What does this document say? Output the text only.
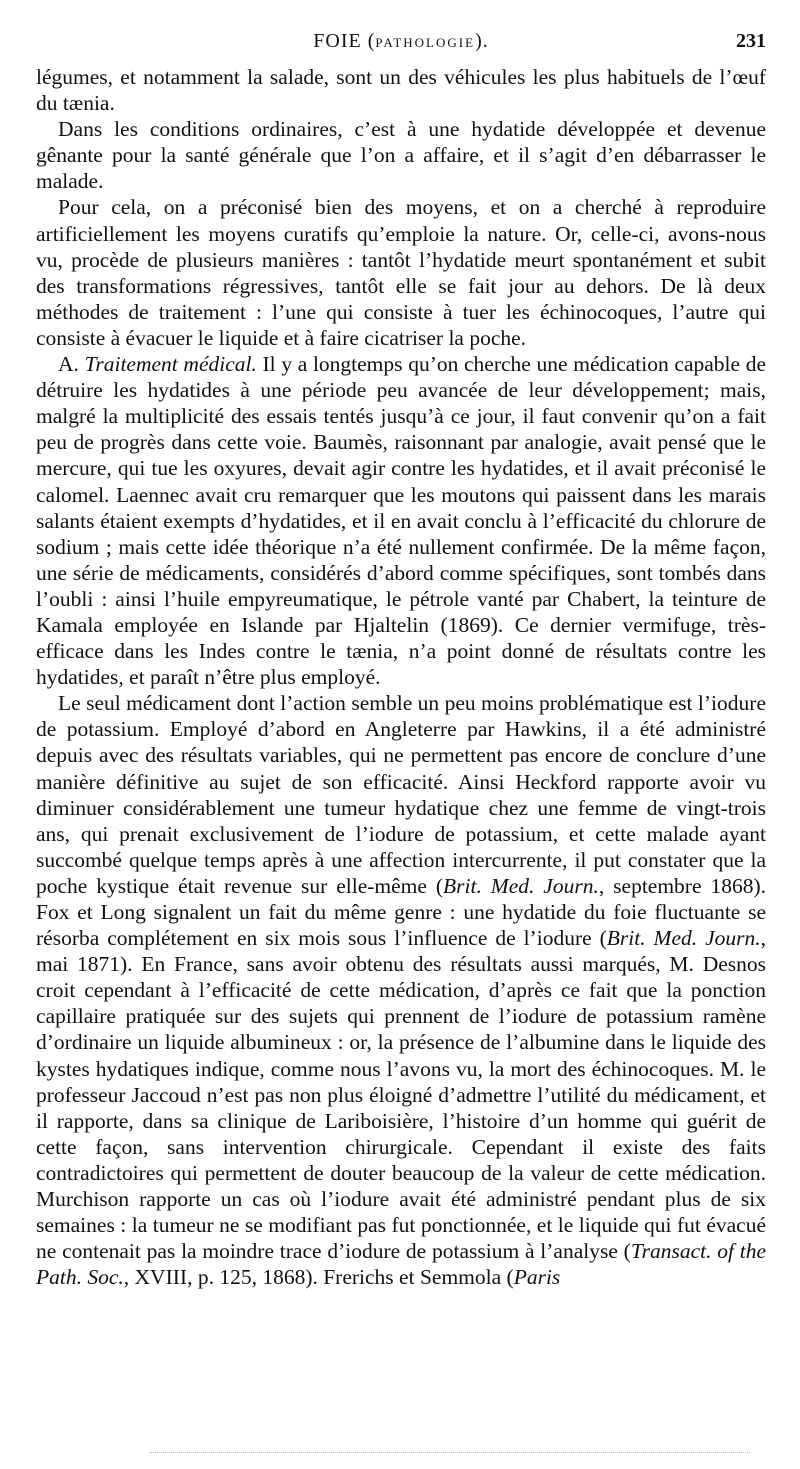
FOIE (PATHOLOGIE).	231

légumes, et notamment la salade, sont un des véhicules les plus habituels de l’œuf du tænia.

Dans les conditions ordinaires, c’est à une hydatide développée et devenue gênante pour la santé générale que l’on a affaire, et il s’agit d’en débarrasser le malade.

Pour cela, on a préconisé bien des moyens, et on a cherché à reproduire artificiellement les moyens curatifs qu’emploie la nature. Or, celle-ci, avons-nous vu, procède de plusieurs manières : tantôt l’hydatide meurt spontanément et subit des transformations régressives, tantôt elle se fait jour au dehors. De là deux méthodes de traitement : l’une qui consiste à tuer les échinocoques, l’autre qui consiste à évacuer le liquide et à faire cicatriser la poche.

A. Traitement médical. Il y a longtemps qu’on cherche une médication capable de détruire les hydatides à une période peu avancée de leur développement; mais, malgré la multiplicité des essais tentés jusqu’à ce jour, il faut convenir qu’on a fait peu de progrès dans cette voie. Baumès, raisonnant par analogie, avait pensé que le mercure, qui tue les oxyures, devait agir contre les hydatides, et il avait préconisé le calomel. Laennec avait cru remarquer que les moutons qui paissent dans les marais salants étaient exempts d’hydatides, et il en avait conclu à l’efficacité du chlorure de sodium ; mais cette idée théorique n’a été nullement confirmée. De la même façon, une série de médicaments, considérés d’abord comme spécifiques, sont tombés dans l’oubli : ainsi l’huile empyreumatique, le pétrole vanté par Chabert, la teinture de Kamala employée en Islande par Hjaltelin (1869). Ce dernier vermifuge, très-efficace dans les Indes contre le tænia, n’a point donné de résultats contre les hydatides, et paraît n’être plus employé.

Le seul médicament dont l’action semble un peu moins problématique est l’iodure de potassium. Employé d’abord en Angleterre par Hawkins, il a été administré depuis avec des résultats variables, qui ne permettent pas encore de conclure d’une manière définitive au sujet de son efficacité. Ainsi Heckford rapporte avoir vu diminuer considérablement une tumeur hydatique chez une femme de vingt-trois ans, qui prenait exclusivement de l’iodure de potassium, et cette malade ayant succombé quelque temps après à une affection intercurrente, il put constater que la poche kystique était revenue sur elle-même (Brit. Med. Journ., septembre 1868). Fox et Long signalent un fait du même genre : une hydatide du foie fluctuante se résorba complétement en six mois sous l’influence de l’iodure (Brit. Med. Journ., mai 1871). En France, sans avoir obtenu des résultats aussi marqués, M. Desnos croit cependant à l’efficacité de cette médication, d’après ce fait que la ponction capillaire pratiquée sur des sujets qui prennent de l’iodure de potassium ramène d’ordinaire un liquide albumineux : or, la présence de l’albumine dans le liquide des kystes hydatiques indique, comme nous l’avons vu, la mort des échinocoques. M. le professeur Jaccoud n’est pas non plus éloigné d’admettre l’utilité du médicament, et il rapporte, dans sa clinique de Lariboisière, l’histoire d’un homme qui guérit de cette façon, sans intervention chirurgicale. Cependant il existe des faits contradictoires qui permettent de douter beaucoup de la valeur de cette médication. Murchison rapporte un cas où l’iodure avait été administré pendant plus de six semaines : la tumeur ne se modifiant pas fut ponctionnée, et le liquide qui fut évacué ne contenait pas la moindre trace d’iodure de potassium à l’analyse (Transact. of the Path. Soc., XVIII, p. 125, 1868). Frerichs et Semmola (Paris
